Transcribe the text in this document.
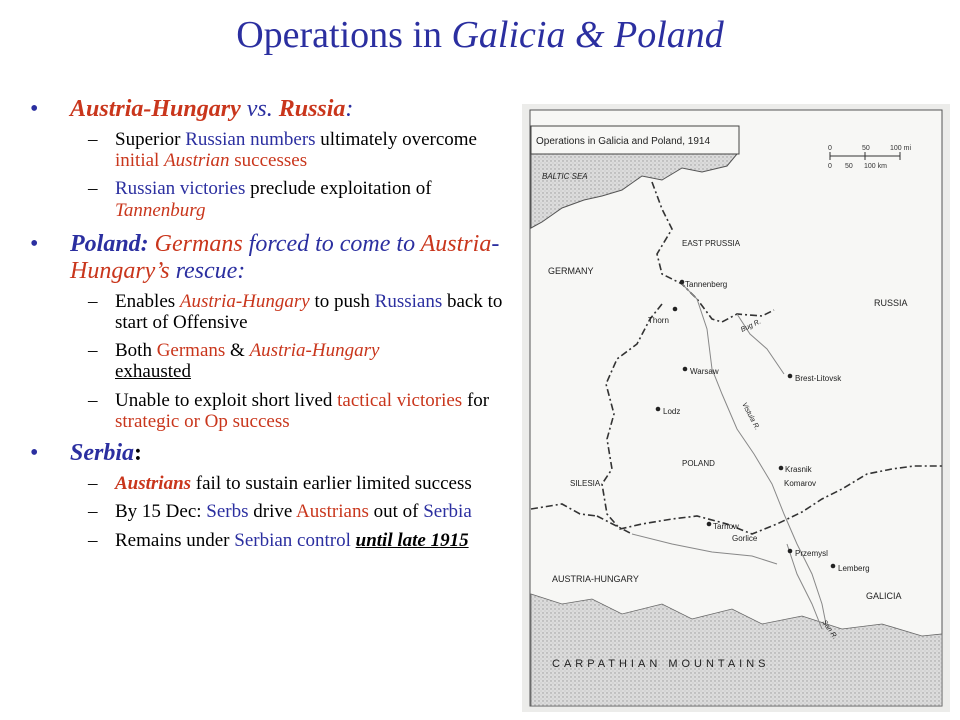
Operations in Galicia & Poland
• Austria-Hungary vs. Russia:
– Superior Russian numbers ultimately overcome initial Austrian successes
– Russian victories preclude exploitation of Tannenburg
• Poland: Germans forced to come to Austria-Hungary’s rescue:
– Enables Austria-Hungary to push Russians back to start of Offensive
– Both Germans & Austria-Hungary
exhausted
– Unable to exploit short lived tactical victories for strategic or Op success
• Serbia:
– Austrians fail to sustain earlier limited success
– By 15 Dec: Serbs drive Austrians out of Serbia
– Remains under Serbian control until late 1915
Operations in Galicia and Poland, 1914
0	50	100 mi
0 50 100 km
BALTIC SEA
EAST PRUSSIA
GERMANY
Tannenberg
RUSSIA
Thorn	Bug R.
Warsaw
Brest-Litovsk
Lodz	Vistula R.
POLAND
Krasnik
Komarov
SILESIA
Tarnow
Lemberg
Gorlice
Przemysl
AUSTRIA-HUNGARY
GALICIA
San R.
CARPATHIAN MOUNTAINS
